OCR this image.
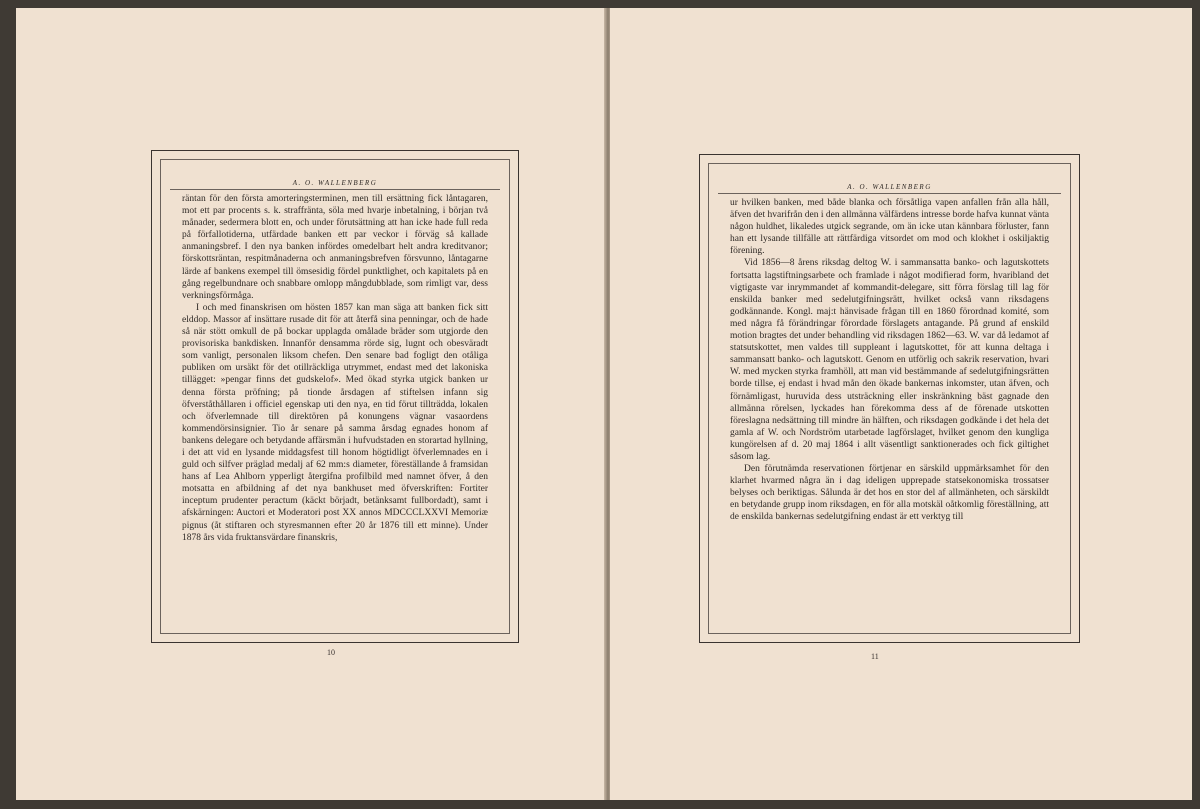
A. O. WALLENBERG

räntan för den första amorteringsterminen, men till ersättning fick låntagaren, mot ett par procents s. k. straffränta, söla med hvarje inbetalning, i början två månader, sedermera blott en, och under förutsättning att han icke hade full reda på förfallotiderna, utfärdade banken ett par veckor i förväg så kallade anmaningsbref. I den nya banken infördes omedelbart helt andra kreditvanor; förskottsräntan, respitmånaderna och anmaningsbrefven försvunno, låntagarne lärde af bankens exempel till ömsesidig fördel punktlighet, och kapitalets på en gång regelbundnare och snabbare omlopp mångdubblade, som rimligt var, dess verkningsförmåga.

I och med finanskrisen om hösten 1857 kan man säga att banken fick sitt elddop. Massor af insättare rusade dit för att återfå sina penningar, och de hade så när stött omkull de på bockar upplagda omålade bräder som utgjorde den provisoriska bankdisken. Innanför densamma rörde sig, lugnt och obesväradt som vanligt, personalen liksom chefen. Den senare bad fogligt den otåliga publiken om ursäkt för det otillräckliga utrymmet, endast med det lakoniska tillägget: »pengar finns det gudskelof». Med ökad styrka utgick banken ur denna första pröfning; på tionde årsdagen af stiftelsen infann sig öfverståthållaren i officiel egenskap uti den nya, en tid förut tillträdda, lokalen och öfverlemnade till direktören på konungens vägnar vasaordens kommendörsinsignier. Tio år senare på samma årsdag egnades honom af bankens delegare och betydande affärsmän i hufvudstaden en storartad hyllning, i det att vid en lysande middagsfest till honom högtidligt öfverlemnades en i guld och silfver präglad medalj af 62 mm:s diameter, föreställande å framsidan hans af Lea Ahlborn ypperligt återgifna profilbild med namnet öfver, å den motsatta en afbildning af det nya bankhuset med öfverskriften: Fortiter inceptum prudenter peractum (käckt börjadt, betänksamt fullbordadt), samt i afskärningen: Auctori et Moderatori post XX annos MDCCCLXXVI Memoriæ pignus (åt stiftaren och styresmannen efter 20 år 1876 till ett minne). Under 1878 års vida fruktansvärdare finanskris,

10
A. O. WALLENBERG

ur hvilken banken, med både blanka och försåtliga vapen anfallen från alla håll, äfven det hvarifrån den i den allmänna välfärdens intresse borde hafva kunnat vänta någon huldhet, likaledes utgick segrande, om än icke utan kännbara förluster, fann han ett lysande tillfälle att rättfärdiga vitsordet om mod och klokhet i oskiljaktig förening.

Vid 1856—8 årens riksdag deltog W. i sammansatta banko- och lagutskottets fortsatta lagstiftningsarbete och framlade i något modifierad form, hvaribland det vigtigaste var inrymmandet af kommandit-delegare, sitt förra förslag till lag för enskilda banker med sedelutgifningsrätt, hvilket också vann riksdagens godkännande. Kongl. maj:t hänvisade frågan till en 1860 förordnad komité, som med några få förändringar förordade förslagets antagande. På grund af enskild motion bragtes det under behandling vid riksdagen 1862—63. W. var då ledamot af statsutskottet, men valdes till suppleant i lagutskottet, för att kunna deltaga i sammansatt banko- och lagutskott. Genom en utförlig och sakrik reservation, hvari W. med mycken styrka framhöll, att man vid bestämmande af sedelutgifningsrätten borde tillse, ej endast i hvad mån den ökade bankernas inkomster, utan äfven, och förnämligast, huruvida dess utsträckning eller inskränkning bäst gagnade den allmänna rörelsen, lyckades han förekomma dess af de förenade utskotten föreslagna nedsättning till mindre än hälften, och riksdagen godkände i det hela det gamla af W. och Nordström utarbetade lagförslaget, hvilket genom den kungliga kungörelsen af d. 20 maj 1864 i allt väsentligt sanktionerades och fick giltighet såsom lag.

Den förutnämda reservationen förtjenar en särskild uppmärksamhet för den klarhet hvarmed några än i dag ideligen upprepade statsekonomiska trossatser belyses och beriktigas. Sålunda är det hos en stor del af allmänheten, och särskildt en betydande grupp inom riksdagen, en för alla motskäl oåtkomlig föreställning, att de enskilda bankernas sedelutgifning endast är ett verktyg till

11
